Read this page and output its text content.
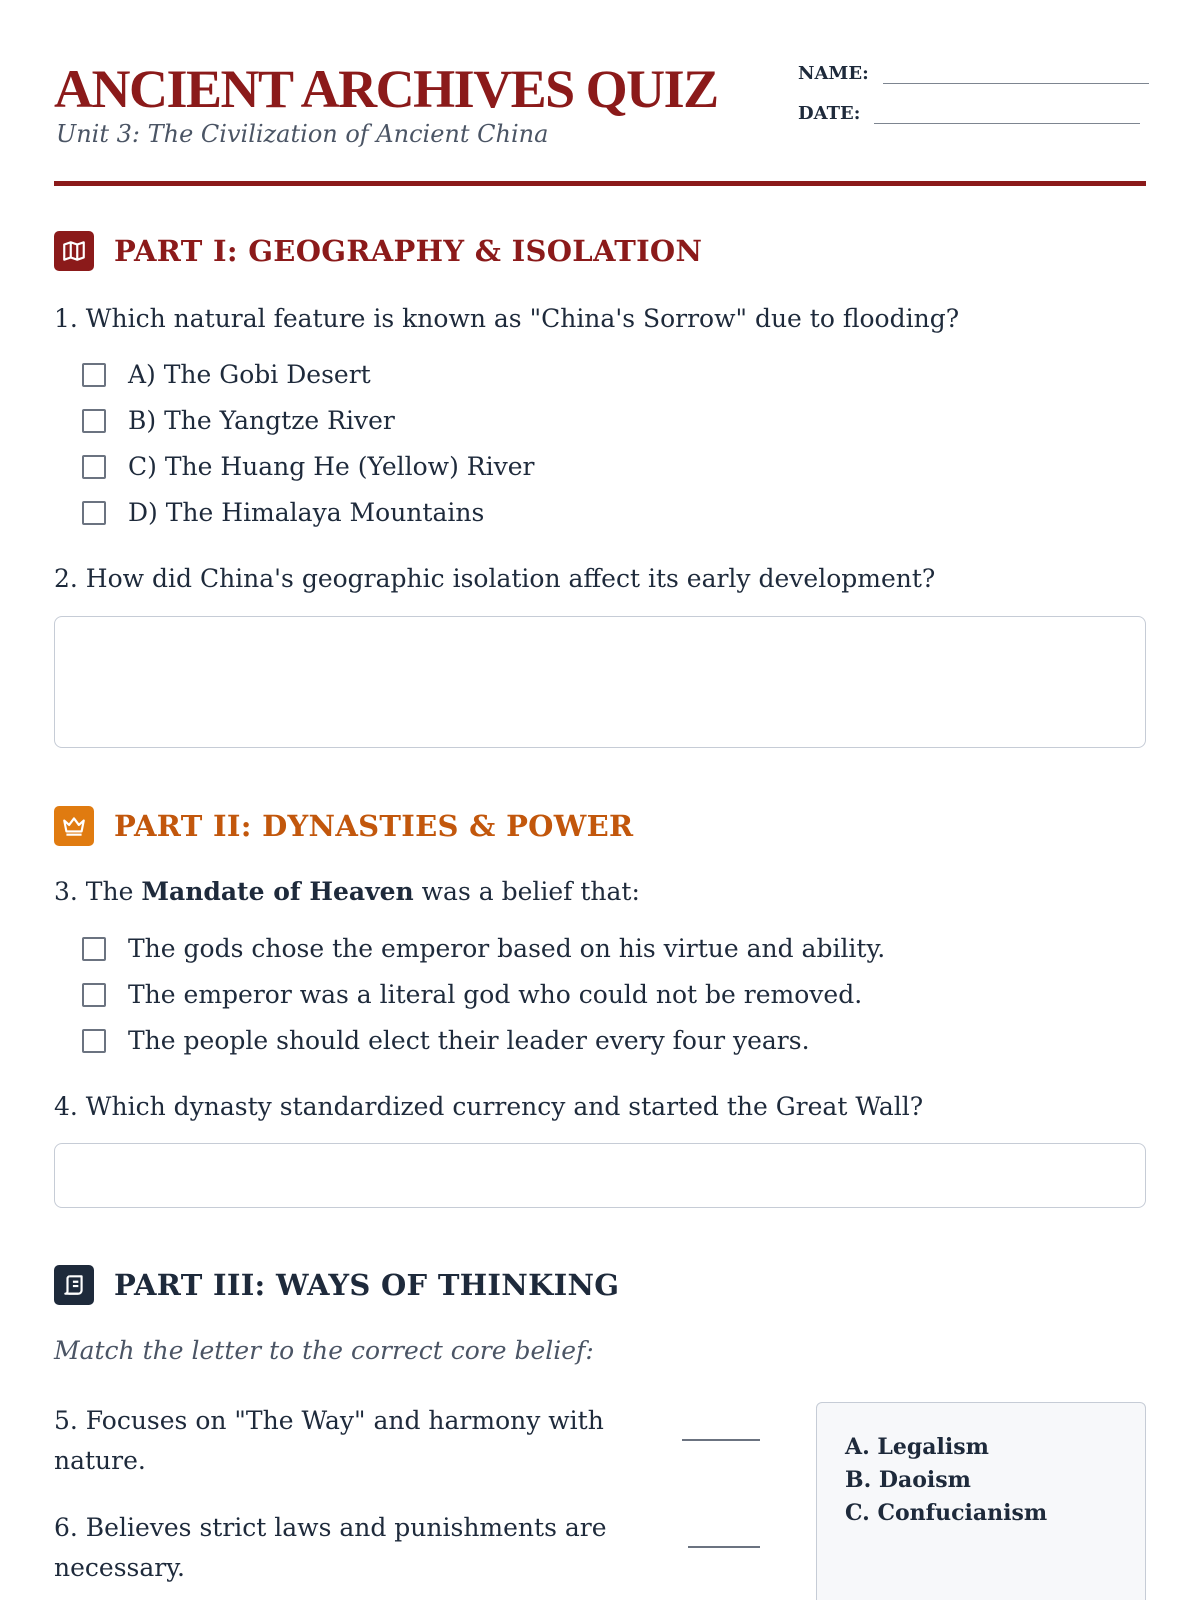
ANCIENT ARCHIVES QUIZ
Unit 3: The Civilization of Ancient China
NAME:
DATE:
PART I: GEOGRAPHY & ISOLATION
1. Which natural feature is known as "China's Sorrow" due to flooding?
A) The Gobi Desert
B) The Yangtze River
C) The Huang He (Yellow) River
D) The Himalaya Mountains
2. How did China's geographic isolation affect its early development?
PART II: DYNASTIES & POWER
3. The Mandate of Heaven was a belief that:
The gods chose the emperor based on his virtue and ability.
The emperor was a literal god who could not be removed.
The people should elect their leader every four years.
4. Which dynasty standardized currency and started the Great Wall?
PART III: WAYS OF THINKING
Match the letter to the correct core belief:
5. Focuses on "The Way" and harmony with nature.
6. Believes strict laws and punishments are necessary.
A. Legalism
B. Daoism
C. Confucianism
